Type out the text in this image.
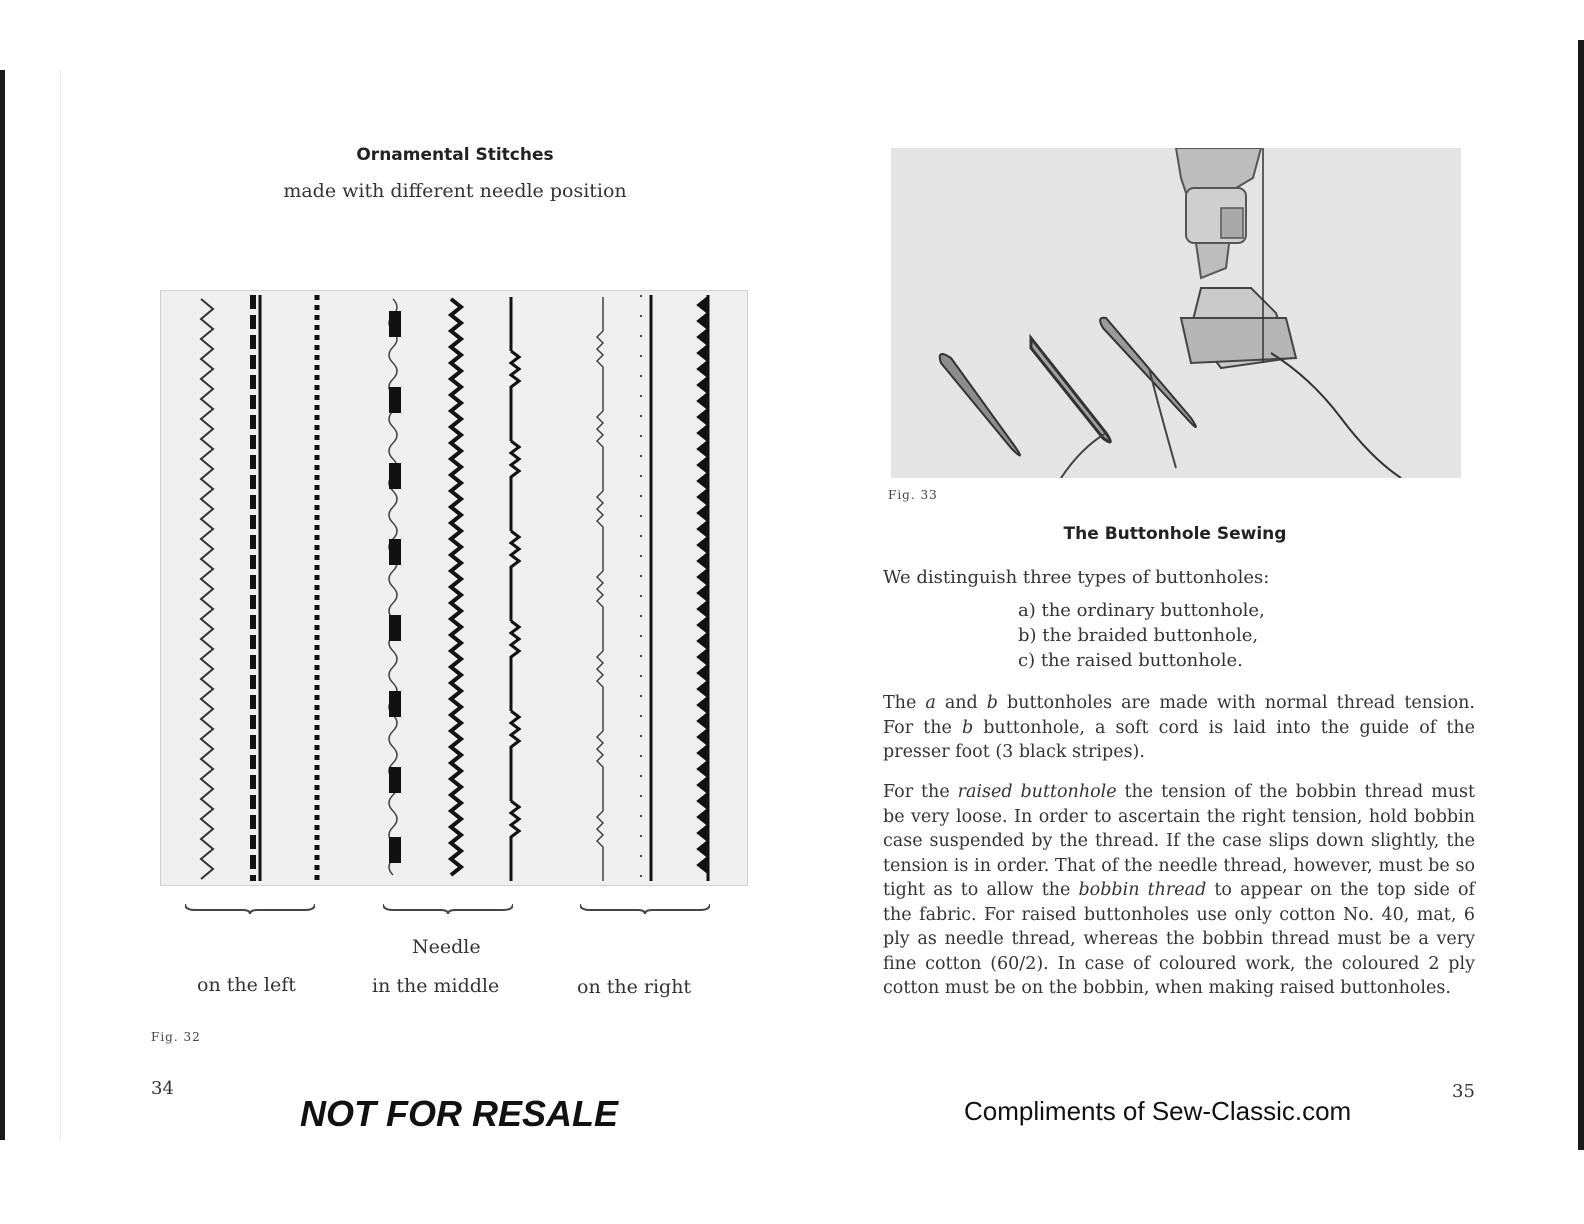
Ornamental Stitches
made with different needle position
Needle
on the left	in the middle	on the right
Fig. 32
34
NOT FOR RESALE
Fig. 33
The Buttonhole Sewing
We distinguish three types of buttonholes:
a) the ordinary buttonhole,
b) the braided buttonhole,
c) the raised buttonhole.

The a and b buttonholes are made with normal thread tension. For the b buttonhole, a soft cord is laid into the guide of the presser foot (3 black stripes).

For the raised buttonhole the tension of the bobbin thread must be very loose. In order to ascertain the right tension, hold bobbin case suspended by the thread. If the case slips down slightly, the tension is in order. That of the needle thread, however, must be so tight as to allow the bobbin thread to appear on the top side of the fabric. For raised buttonholes use only cotton No. 40, mat, 6 ply as needle thread, whereas the bobbin thread must be a very fine cotton (60/2). In case of coloured work, the coloured 2 ply cotton must be on the bobbin, when making raised buttonholes.

35
Compliments of Sew-Classic.com
